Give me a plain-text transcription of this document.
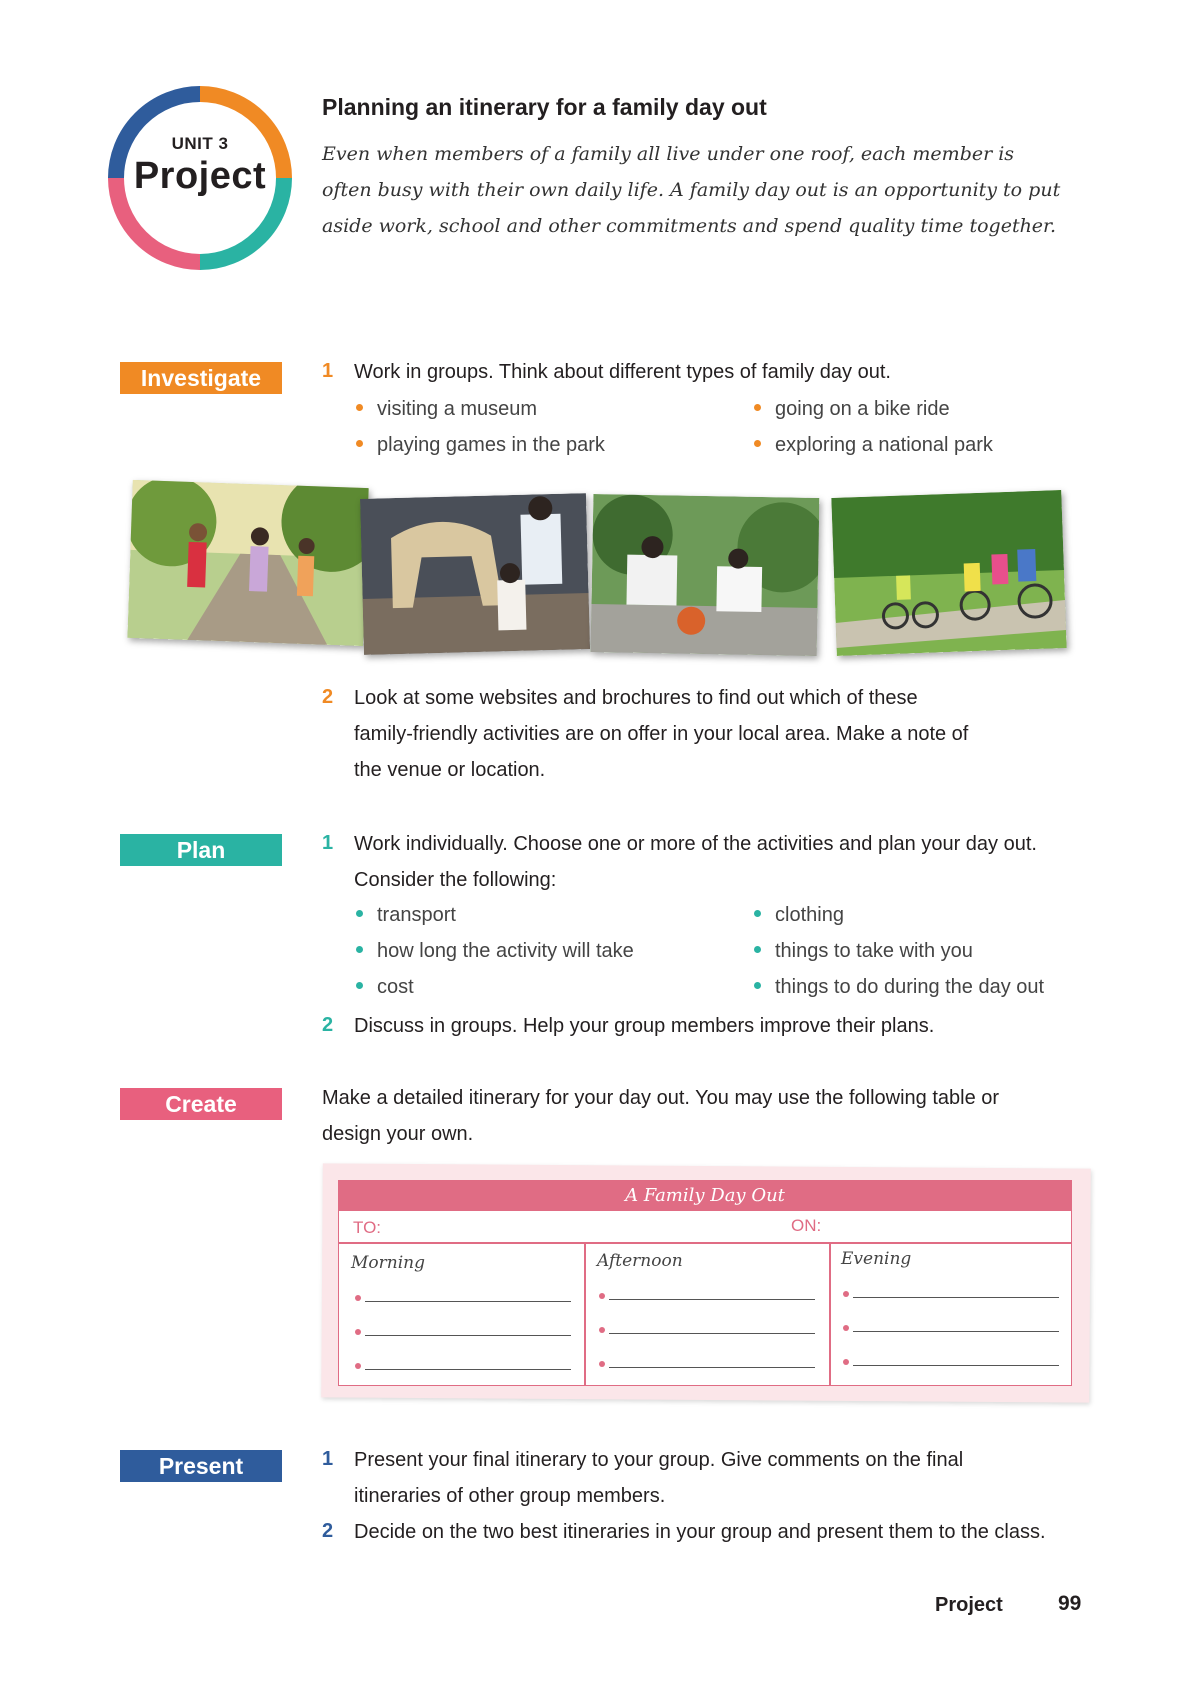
UNIT 3
Project
Planning an itinerary for a family day out
Even when members of a family all live under one roof, each member is often busy with their own daily life. A family day out is an opportunity to put aside work, school and other commitments and spend quality time together.
Investigate	1 Work in groups. Think about different types of family day out.
visiting a museum
playing games in the park
going on a bike ride
exploring a national park
2 Look at some websites and brochures to find out which of these
family-friendly activities are on offer in your local area. Make a note of
the venue or location.
Plan	1 Work individually. Choose one or more of the activities and plan your day out.
Consider the following:
transport
how long the activity will take
cost
clothing
things to take with you
things to do during the day out
2 Discuss in groups. Help your group members improve their plans.
Create	Make a detailed itinerary for your day out. You may use the following table or
design your own.
A Family Day Out
TO:	ON:
Morning	Afternoon	Evening
Present	1 Present your final itinerary to your group. Give comments on the final
itineraries of other group members.
2 Decide on the two best itineraries in your group and present them to the class.
Project	99
